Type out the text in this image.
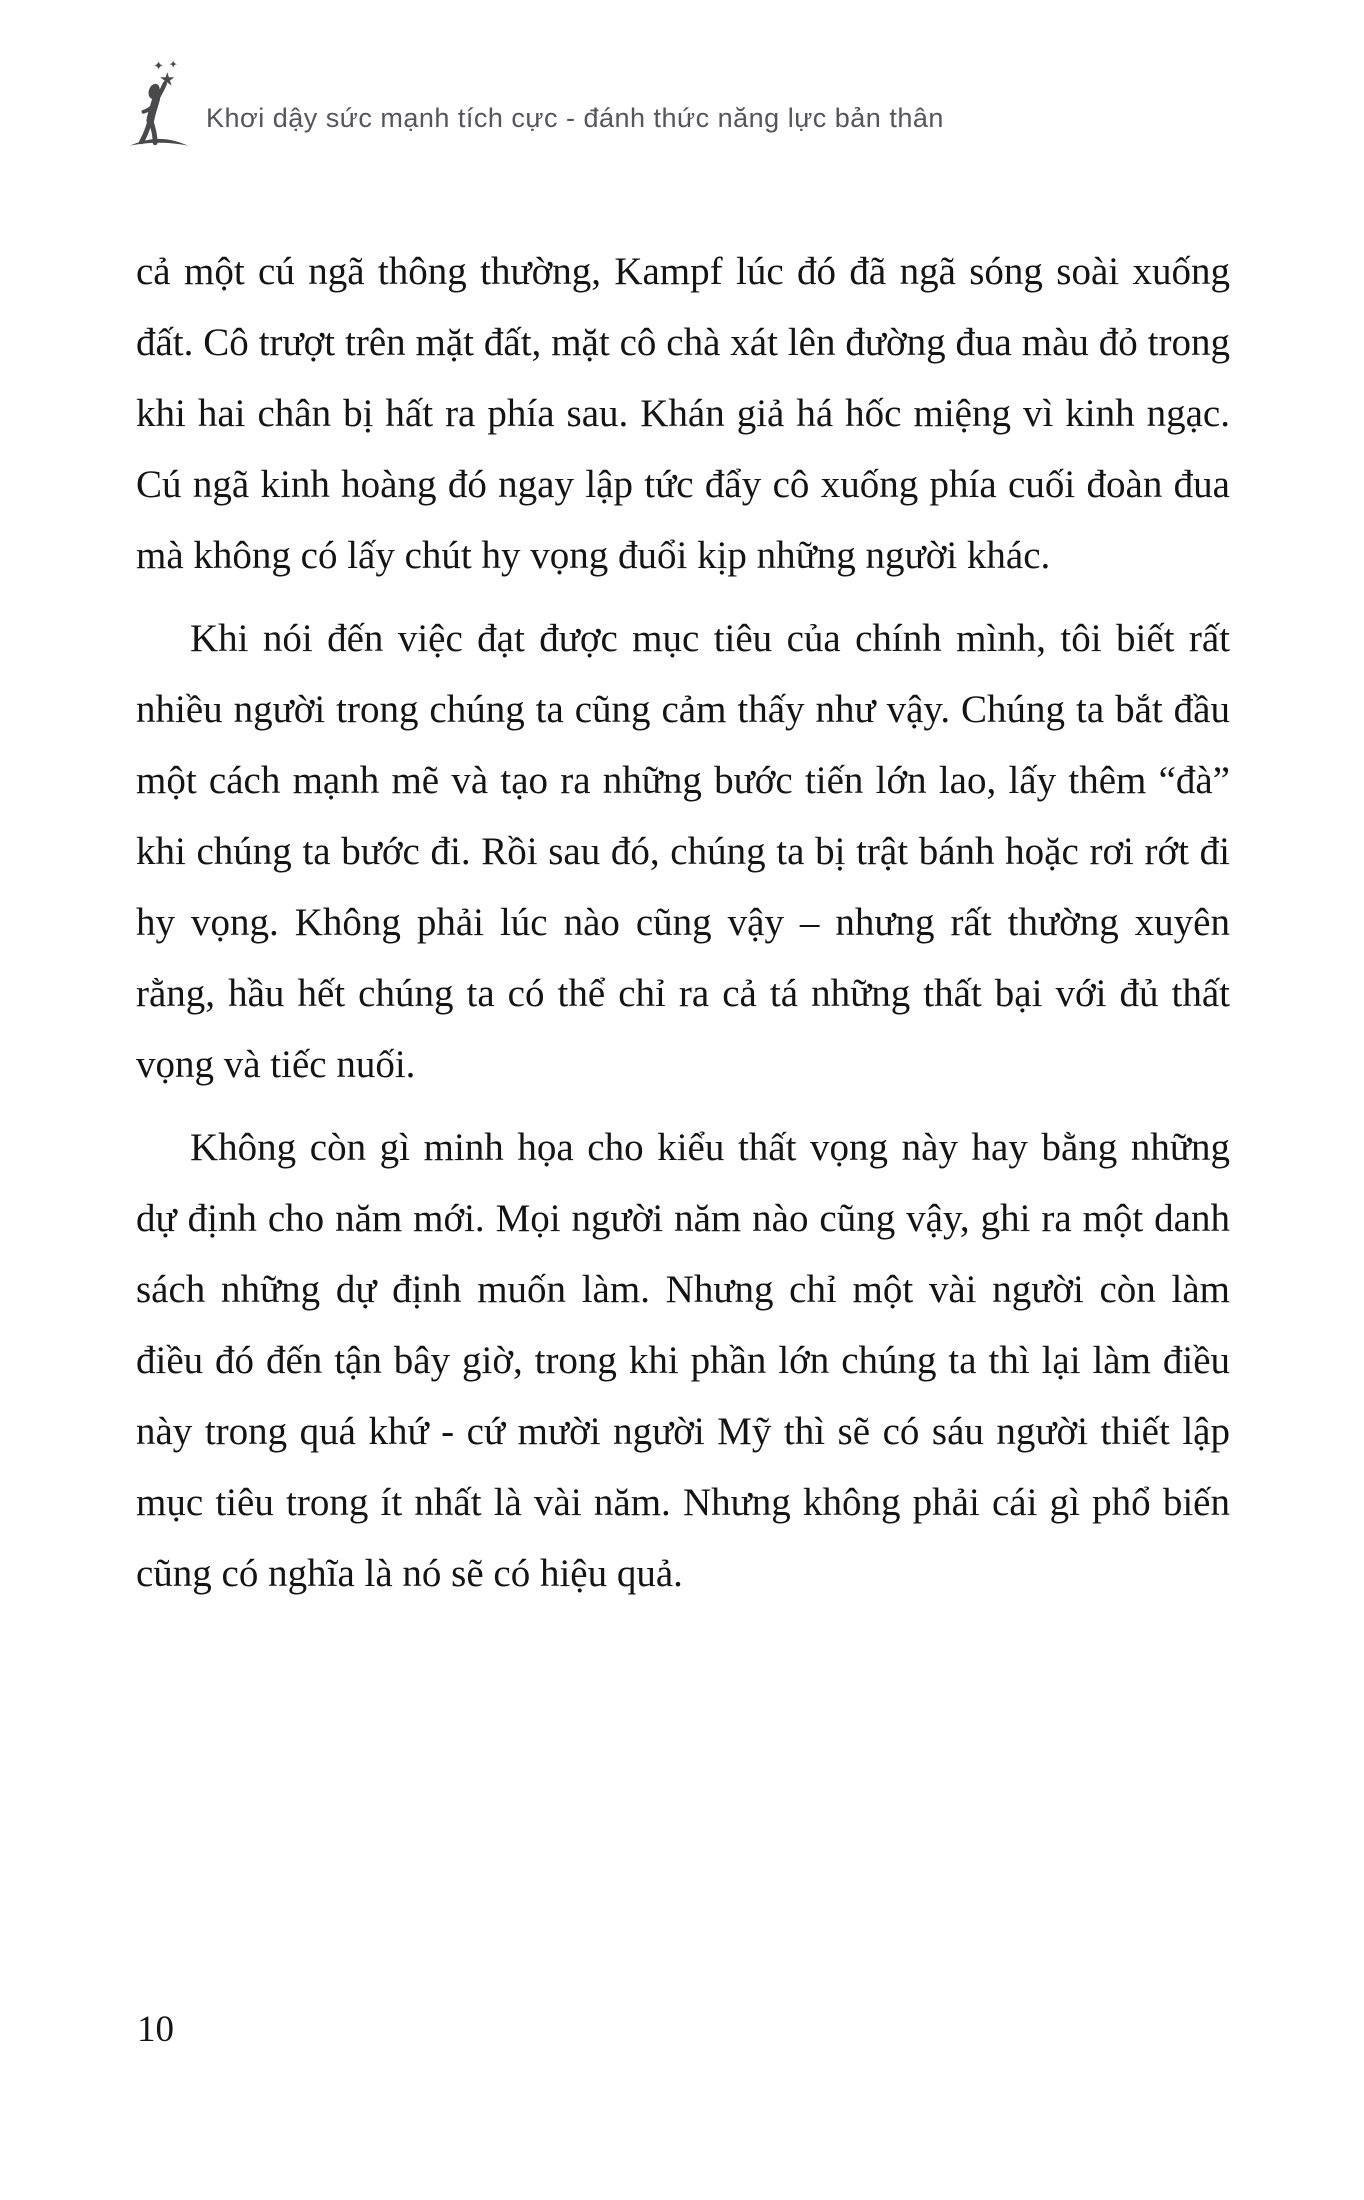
✦ ✦
★
Khơi dậy sức mạnh tích cực - đánh thức năng lực bản thân

cả một cú ngã thông thường, Kampf lúc đó đã ngã sóng soài xuống đất. Cô trượt trên mặt đất, mặt cô chà xát lên đường đua màu đỏ trong khi hai chân bị hất ra phía sau. Khán giả há hốc miệng vì kinh ngạc. Cú ngã kinh hoàng đó ngay lập tức đẩy cô xuống phía cuối đoàn đua mà không có lấy chút hy vọng đuổi kịp những người khác.

Khi nói đến việc đạt được mục tiêu của chính mình, tôi biết rất nhiều người trong chúng ta cũng cảm thấy như vậy. Chúng ta bắt đầu một cách mạnh mẽ và tạo ra những bước tiến lớn lao, lấy thêm “đà” khi chúng ta bước đi. Rồi sau đó, chúng ta bị trật bánh hoặc rơi rớt đi hy vọng. Không phải lúc nào cũng vậy – nhưng rất thường xuyên rằng, hầu hết chúng ta có thể chỉ ra cả tá những thất bại với đủ thất vọng và tiếc nuối.

Không còn gì minh họa cho kiểu thất vọng này hay bằng những dự định cho năm mới. Mọi người năm nào cũng vậy, ghi ra một danh sách những dự định muốn làm. Nhưng chỉ một vài người còn làm điều đó đến tận bây giờ, trong khi phần lớn chúng ta thì lại làm điều này trong quá khứ - cứ mười người Mỹ thì sẽ có sáu người thiết lập mục tiêu trong ít nhất là vài năm. Nhưng không phải cái gì phổ biến cũng có nghĩa là nó sẽ có hiệu quả.

10
